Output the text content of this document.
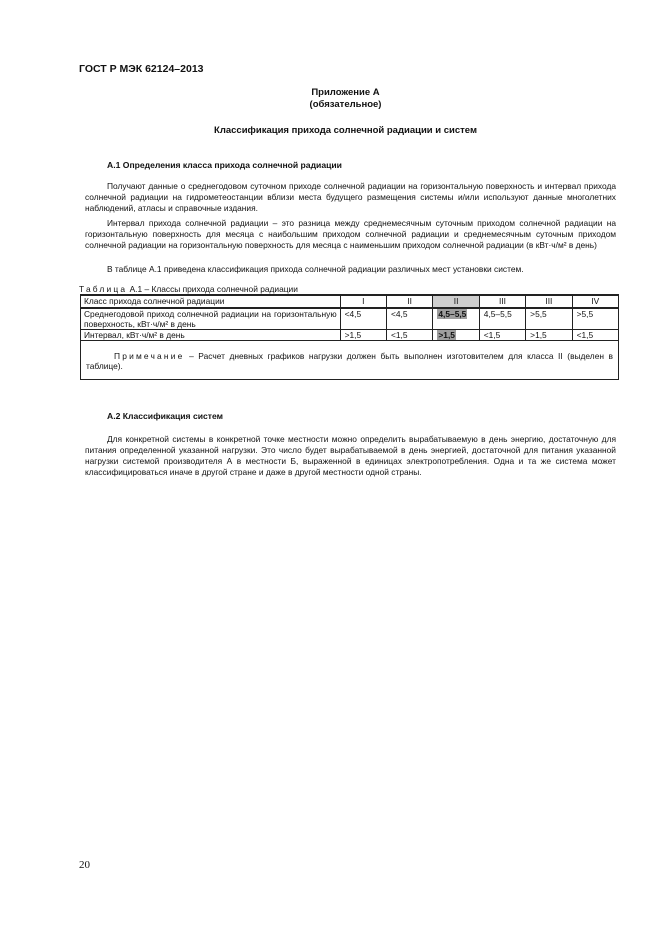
ГОСТ Р МЭК 62124–2013
Приложение А
(обязательное)
Классификация прихода солнечной радиации и систем
А.1 Определения класса прихода солнечной радиации

Получают данные о среднегодовом суточном приходе солнечной радиации на горизонтальную поверхность и интервал прихода солнечной радиации на гидрометеостанции вблизи места будущего размещения системы и/или используют данные многолетних наблюдений, атласы и справочные издания.

Интервал прихода солнечной радиации – это разница между среднемесячным суточным приходом солнечной радиации на горизонтальную поверхность для месяца с наибольшим приходом солнечной радиации и среднемесячным суточным приходом солнечной радиации на горизонтальную поверхность для месяца с наименьшим приходом солнечной радиации (в кВт·ч/м² в день)

В таблице А.1 приведена классификация прихода солнечной радиации различных мест установки систем.

Таблица А.1 – Классы прихода солнечной радиации
Класс прихода солнечной радиации	I	II	II	III	III	IV
Среднегодовой приход солнечной радиации на горизонтальную поверхность, кВт·ч/м² в день	<4,5	<4,5	4,5–5,5	4,5–5,5	>5,5	>5,5
Интервал, кВт·ч/м² в день	>1,5	<1,5	>1,5	<1,5	>1,5	<1,5
Примечание – Расчет дневных графиков нагрузки должен быть выполнен изготовителем для класса II (выделен в таблице).						
А.2 Классификация систем

Для конкретной системы в конкретной точке местности можно определить вырабатываемую в день энергию, достаточную для питания определенной указанной нагрузки. Это число будет вырабатываемой в день энергией, достаточной для питания указанной нагрузки системой производителя А в местности Б, выраженной в единицах электропотребления. Одна и та же система может классифицироваться иначе в другой стране и даже в другой местности одной страны.

20
